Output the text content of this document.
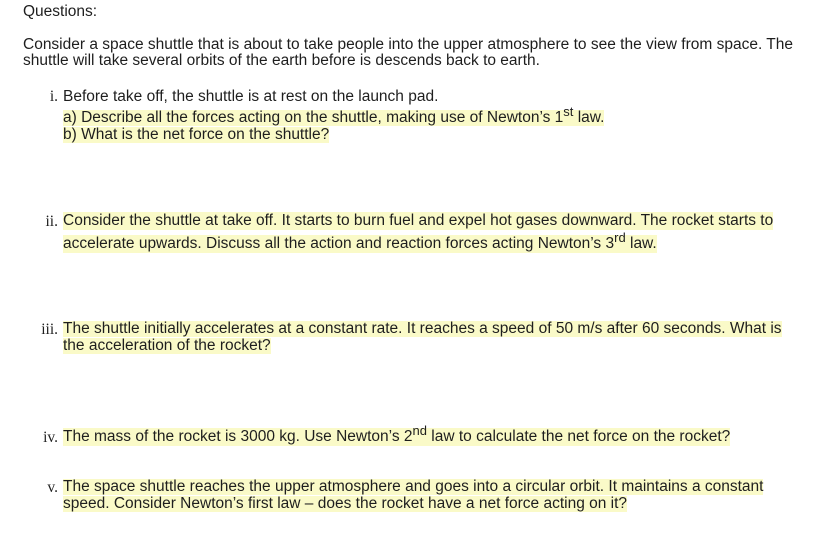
Questions:
Consider a space shuttle that is about to take people into the upper atmosphere to see the view from space. The
shuttle will take several orbits of the earth before is descends back to earth.
i. Before take off, the shuttle is at rest on the launch pad.
a) Describe all the forces acting on the shuttle, making use of Newton’s 1st law.
b) What is the net force on the shuttle?
ii. Consider the shuttle at take off. It starts to burn fuel and expel hot gases downward. The rocket starts to
accelerate upwards. Discuss all the action and reaction forces acting Newton’s 3rd law.
iii. The shuttle initially accelerates at a constant rate. It reaches a speed of 50 m/s after 60 seconds. What is
the acceleration of the rocket?
iv. The mass of the rocket is 3000 kg. Use Newton’s 2nd law to calculate the net force on the rocket?
v. The space shuttle reaches the upper atmosphere and goes into a circular orbit. It maintains a constant
speed. Consider Newton’s first law – does the rocket have a net force acting on it?
